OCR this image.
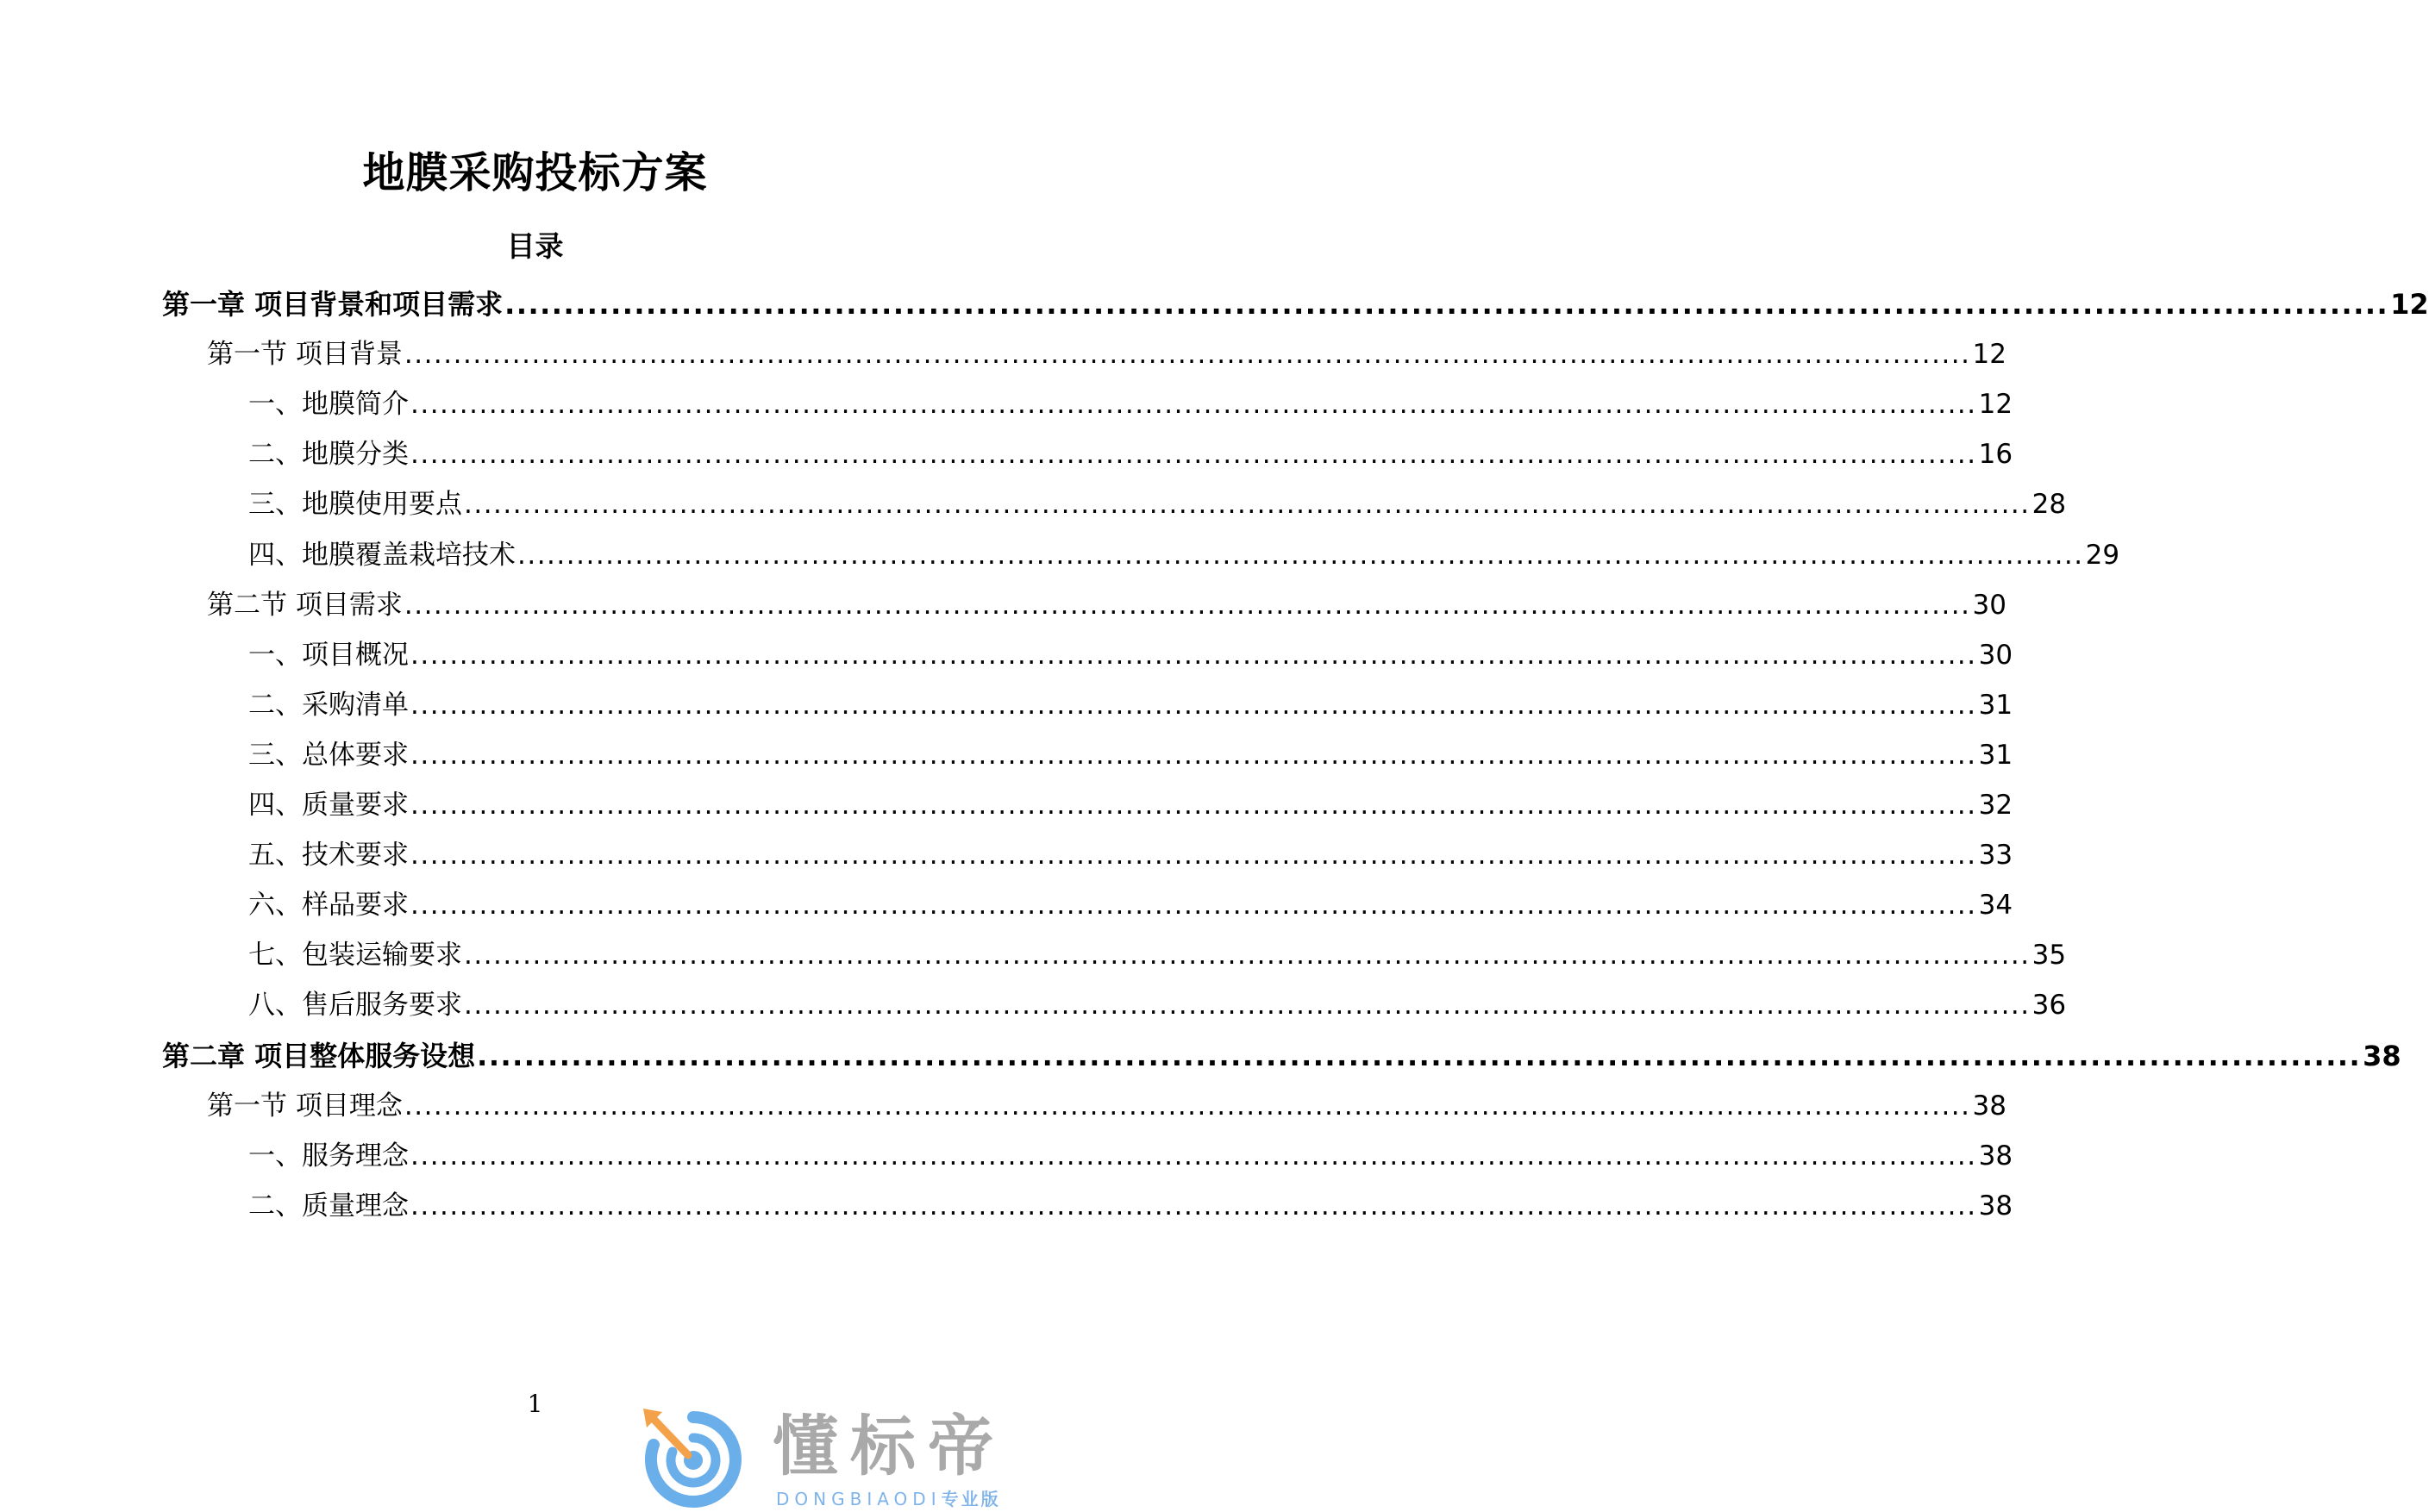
地膜采购投标方案
目录
第一章 项目背景和项目需求 ................................................................................................................................................................ 12
第一节 项目背景 ................................................................................................................................................................ 12
一、地膜简介 ................................................................................................................................................................ 12
二、地膜分类 ................................................................................................................................................................ 16
三、地膜使用要点 ................................................................................................................................................................ 28
四、地膜覆盖栽培技术 ................................................................................................................................................................ 29
第二节 项目需求 ................................................................................................................................................................ 30
一、项目概况 ................................................................................................................................................................ 30
二、采购清单 ................................................................................................................................................................ 31
三、总体要求 ................................................................................................................................................................ 31
四、质量要求 ................................................................................................................................................................ 32
五、技术要求 ................................................................................................................................................................ 33
六、样品要求 ................................................................................................................................................................ 34
七、包装运输要求 ................................................................................................................................................................ 35
八、售后服务要求 ................................................................................................................................................................ 36
第二章 项目整体服务设想 ................................................................................................................................................................ 38
第一节 项目理念 ................................................................................................................................................................ 38
一、服务理念 ................................................................................................................................................................ 38
二、质量理念 ................................................................................................................................................................ 38
1
懂标帝
DONGBIAODI专业版
